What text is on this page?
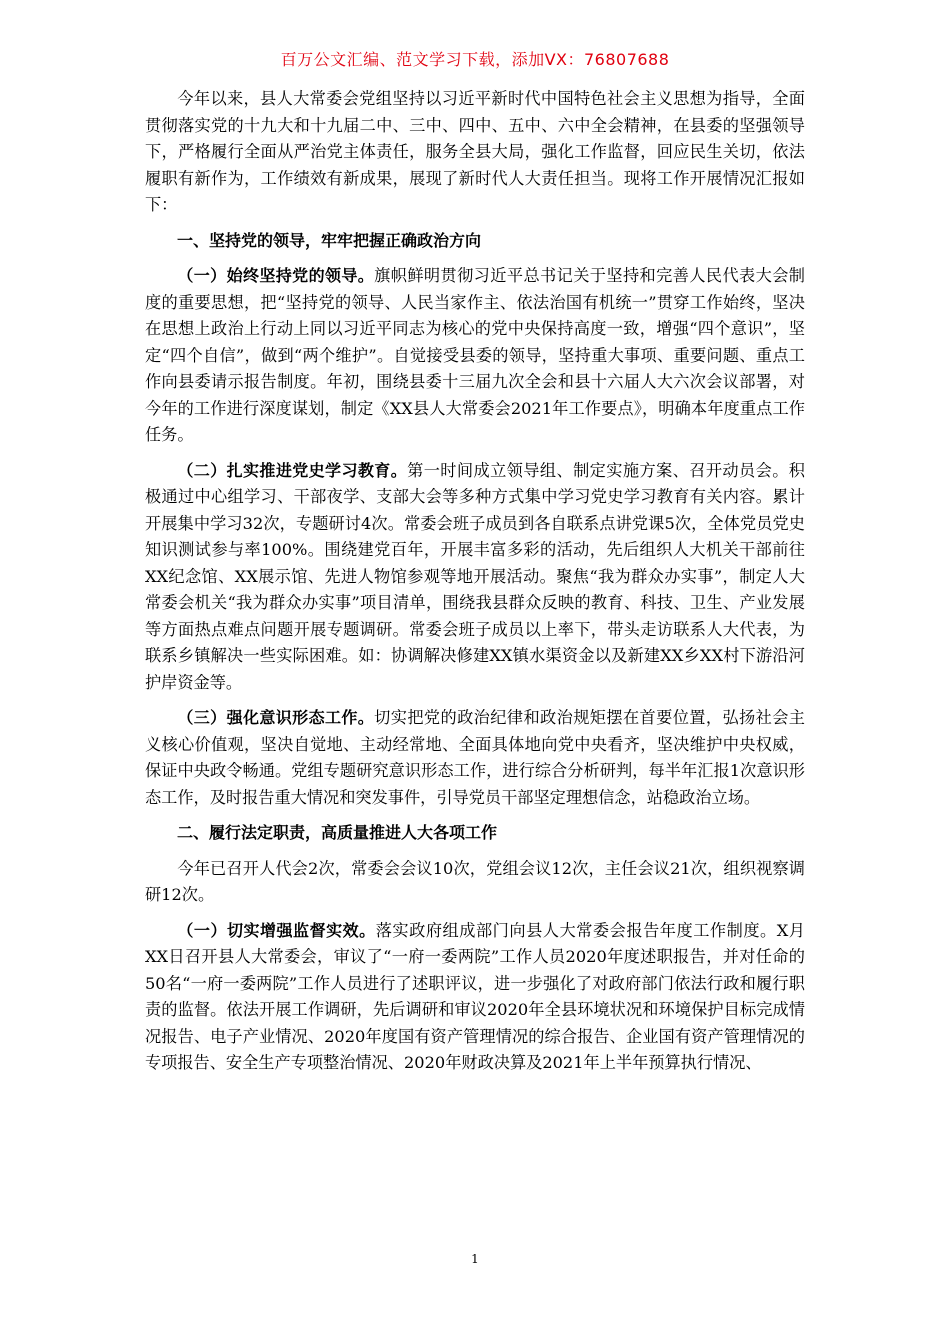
百万公文汇编、范文学习下载，添加VX：76807688

今年以来，县人大常委会党组坚持以习近平新时代中国特色社会主义思想为指导，全面贯彻落实党的十九大和十九届二中、三中、四中、五中、六中全会精神，在县委的坚强领导下，严格履行全面从严治党主体责任，服务全县大局，强化工作监督，回应民生关切，依法履职有新作为，工作绩效有新成果，展现了新时代人大责任担当。现将工作开展情况汇报如下：

一、坚持党的领导，牢牢把握正确政治方向

（一）始终坚持党的领导。旗帜鲜明贯彻习近平总书记关于坚持和完善人民代表大会制度的重要思想，把“坚持党的领导、人民当家作主、依法治国有机统一”贯穿工作始终，坚决在思想上政治上行动上同以习近平同志为核心的党中央保持高度一致，增强“四个意识”，坚定“四个自信”，做到“两个维护”。自觉接受县委的领导，坚持重大事项、重要问题、重点工作向县委请示报告制度。年初，围绕县委十三届九次全会和县十六届人大六次会议部署，对今年的工作进行深度谋划，制定《XX县人大常委会2021年工作要点》，明确本年度重点工作任务。

（二）扎实推进党史学习教育。第一时间成立领导组、制定实施方案、召开动员会。积极通过中心组学习、干部夜学、支部大会等多种方式集中学习党史学习教育有关内容。累计开展集中学习32次，专题研讨4次。常委会班子成员到各自联系点讲党课5次，全体党员党史知识测试参与率100%。围绕建党百年，开展丰富多彩的活动，先后组织人大机关干部前往XX纪念馆、XX展示馆、先进人物馆参观等地开展活动。聚焦“我为群众办实事”，制定人大常委会机关“我为群众办实事”项目清单，围绕我县群众反映的教育、科技、卫生、产业发展等方面热点难点问题开展专题调研。常委会班子成员以上率下，带头走访联系人大代表，为联系乡镇解决一些实际困难。如：协调解决修建XX镇水渠资金以及新建XX乡XX村下游沿河护岸资金等。

（三）强化意识形态工作。切实把党的政治纪律和政治规矩摆在首要位置，弘扬社会主义核心价值观，坚决自觉地、主动经常地、全面具体地向党中央看齐，坚决维护中央权威，保证中央政令畅通。党组专题研究意识形态工作，进行综合分析研判，每半年汇报1次意识形态工作，及时报告重大情况和突发事件，引导党员干部坚定理想信念，站稳政治立场。

二、履行法定职责，高质量推进人大各项工作

今年已召开人代会2次，常委会会议10次，党组会议12次，主任会议21次，组织视察调研12次。

（一）切实增强监督实效。落实政府组成部门向县人大常委会报告年度工作制度。X月XX日召开县人大常委会，审议了“一府一委两院”工作人员2020年度述职报告，并对任命的50名“一府一委两院”工作人员进行了述职评议，进一步强化了对政府部门依法行政和履行职责的监督。依法开展工作调研，先后调研和审议2020年全县环境状况和环境保护目标完成情况报告、电子产业情况、2020年度国有资产管理情况的综合报告、企业国有资产管理情况的专项报告、安全生产专项整治情况、2020年财政决算及2021年上半年预算执行情况、

1
